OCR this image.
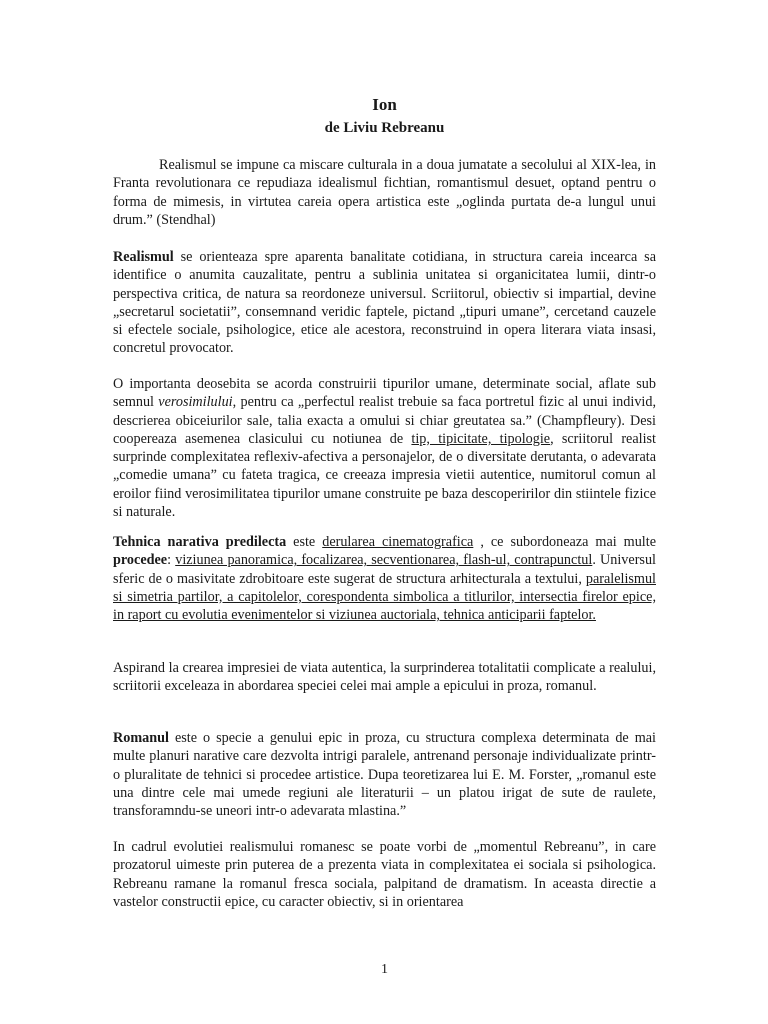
Ion
de Liviu Rebreanu

Realismul se impune ca miscare culturala in a doua jumatate a secolului al XIX-lea, in Franta revolutionara ce repudiaza idealismul fichtian, romantismul desuet, optand pentru o forma de mimesis, in virtutea careia opera artistica este „oglinda purtata de-a lungul unui drum.” (Stendhal)

Realismul se orienteaza spre aparenta banalitate cotidiana, in structura careia incearca sa identifice o anumita cauzalitate, pentru a sublinia unitatea si organicitatea lumii, dintr-o perspectiva critica, de natura sa reordoneze universul. Scriitorul, obiectiv si impartial, devine „secretarul societatii”, consemnand veridic faptele, pictand „tipuri umane”, cercetand cauzele si efectele sociale, psihologice, etice ale acestora, reconstruind in opera literara viata insasi, concretul provocator.

O importanta deosebita se acorda construirii tipurilor umane, determinate social, aflate sub semnul verosimilului, pentru ca „perfectul realist trebuie sa faca portretul fizic al unui individ, descrierea obiceiurilor sale, talia exacta a omului si chiar greutatea sa.” (Champfleury). Desi coopereaza asemenea clasicului cu notiunea de tip, tipicitate, tipologie, scriitorul realist surprinde complexitatea reflexiv-afectiva a personajelor, de o diversitate derutanta, o adevarata „comedie umana” cu fateta tragica, ce creeaza impresia vietii autentice, numitorul comun al eroilor fiind verosimilitatea tipurilor umane construite pe baza descoperirilor din stiintele fizice si naturale.

Tehnica narativa predilecta este derularea cinematografica , ce subordoneaza mai multe procedee: viziunea panoramica, focalizarea, secventionarea, flash-ul, contrapunctul. Universul sferic de o masivitate zdrobitoare este sugerat de structura arhitecturala a textului, paralelismul si simetria partilor, a capitolelor, corespondenta simbolica a titlurilor, intersectia firelor epice, in raport cu evolutia evenimentelor si viziunea auctoriala, tehnica anticiparii faptelor.

Aspirand la crearea impresiei de viata autentica, la surprinderea totalitatii complicate a realului, scriitorii exceleaza in abordarea speciei celei mai ample a epicului in proza, romanul.

Romanul este o specie a genului epic in proza, cu structura complexa determinata de mai multe planuri narative care dezvolta intrigi paralele, antrenand personaje individualizate printr-o pluralitate de tehnici si procedee artistice. Dupa teoretizarea lui E. M. Forster, „romanul este una dintre cele mai umede regiuni ale literaturii – un platou irigat de sute de raulete, transforamndu-se uneori intr-o adevarata mlastina.”

In cadrul evolutiei realismului romanesc se poate vorbi de „momentul Rebreanu”, in care prozatorul uimeste prin puterea de a prezenta viata in complexitatea ei sociala si psihologica. Rebreanu ramane la romanul fresca sociala, palpitand de dramatism. In aceasta directie a vastelor constructii epice, cu caracter obiectiv, si in orientarea

1
